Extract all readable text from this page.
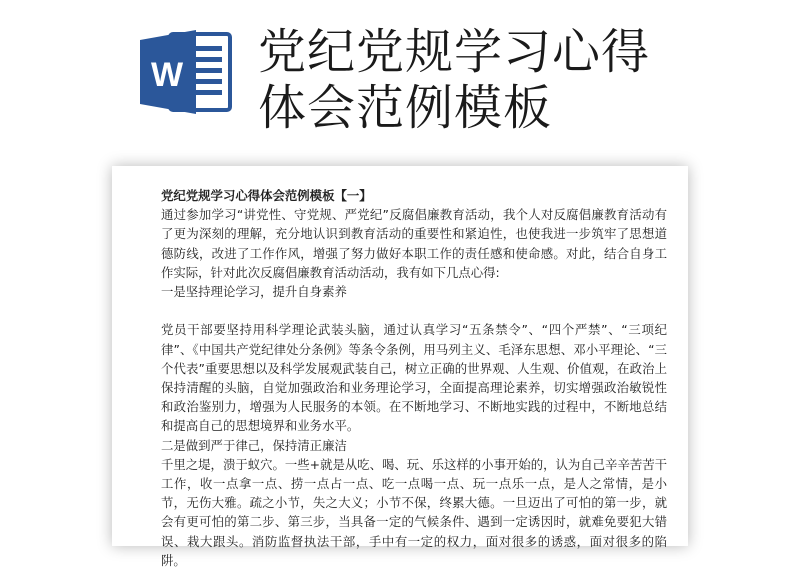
W 党纪党规学习心得体会范例模板

党纪党规学习心得体会范例模板【一】

通过参加学习“讲党性、守党规、严党纪”反腐倡廉教育活动，我个人对反腐倡廉教育活动有了更为深刻的理解，充分地认识到教育活动的重要性和紧迫性，也使我进一步筑牢了思想道德防线，改进了工作作风，增强了努力做好本职工作的责任感和使命感。对此，结合自身工作实际，针对此次反腐倡廉教育活动活动，我有如下几点心得:

一是坚持理论学习，提升自身素养

党员干部要坚持用科学理论武装头脑，通过认真学习“五条禁令”、“四个严禁”、“三项纪律”、《中国共产党纪律处分条例》等条令条例，用马列主义、毛泽东思想、邓小平理论、“三个代表”重要思想以及科学发展观武装自己，树立正确的世界观、人生观、价值观，在政治上保持清醒的头脑，自觉加强政治和业务理论学习，全面提高理论素养，切实增强政治敏锐性和政治鉴别力，增强为人民服务的本领。在不断地学习、不断地实践的过程中，不断地总结和提高自己的思想境界和业务水平。

二是做到严于律己，保持清正廉洁

千里之堤，溃于蚁穴。一些+就是从吃、喝、玩、乐这样的小事开始的，认为自己辛辛苦苦干工作，收一点拿一点、捞一点占一点、吃一点喝一点、玩一点乐一点，是人之常情，是小节，无伤大雅。疏之小节，失之大义；小节不保，终累大德。一旦迈出了可怕的第一步，就会有更可怕的第二步、第三步，当具备一定的气候条件、遇到一定诱因时，就难免要犯大错误、栽大跟头。消防监督执法干部，手中有一定的权力，面对很多的诱惑，面对很多的陷阱。
